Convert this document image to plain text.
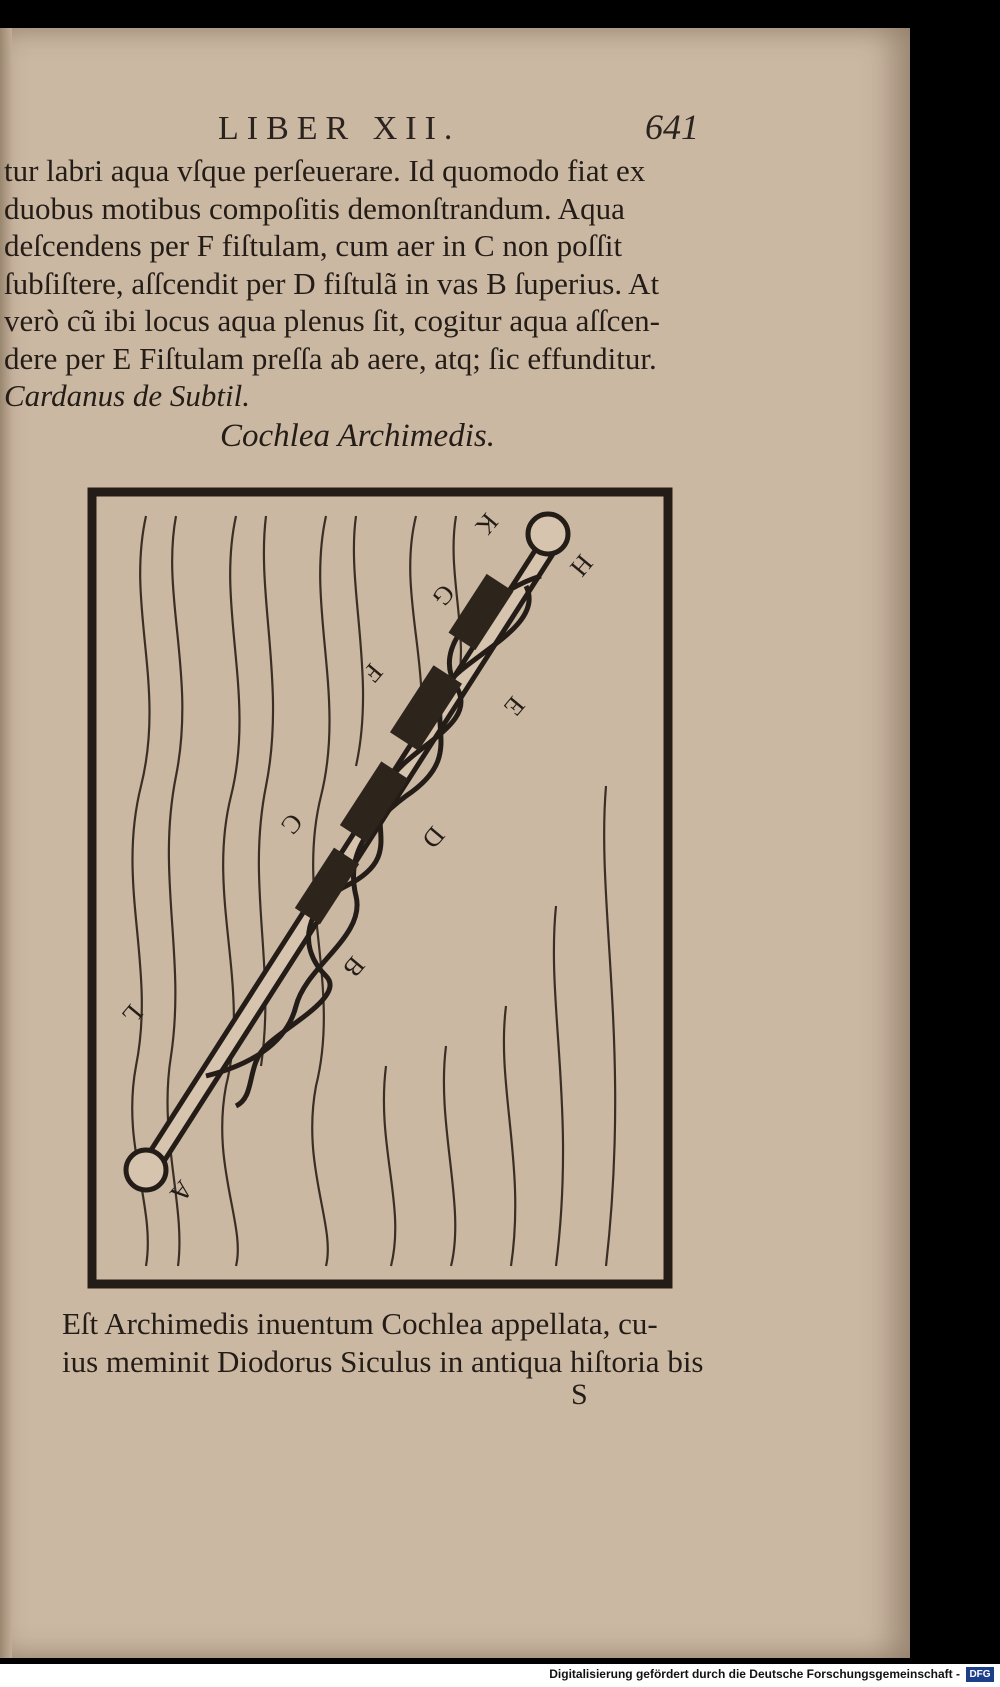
LIBER XII.	641
tur labri aqua vſque perſeuerare. Id quomodo fiat ex
duobus motibus compoſitis demonſtrandum. Aqua
deſcendens per F fiſtulam, cum aer in C non poſſit
ſubſiſtere, aſſcendit per D fiſtulã in vas B ſuperius. At
verò cũ ibi locus aqua plenus ſit, cogitur aqua aſſcen-
dere per E Fiſtulam preſſa ab aere, atq; ſic effunditur.
Cardanus de Subtil.
Cochlea Archimedis.
K
H
G
E
F
D
C
B
L
A
Eſt Archimedis inuentum Cochlea appellata, cu-
ius meminit Diodorus Siculus in antiqua hiſtoria bis
S
Digitalisierung gefördert durch die Deutsche Forschungsgemeinschaft - DFG
